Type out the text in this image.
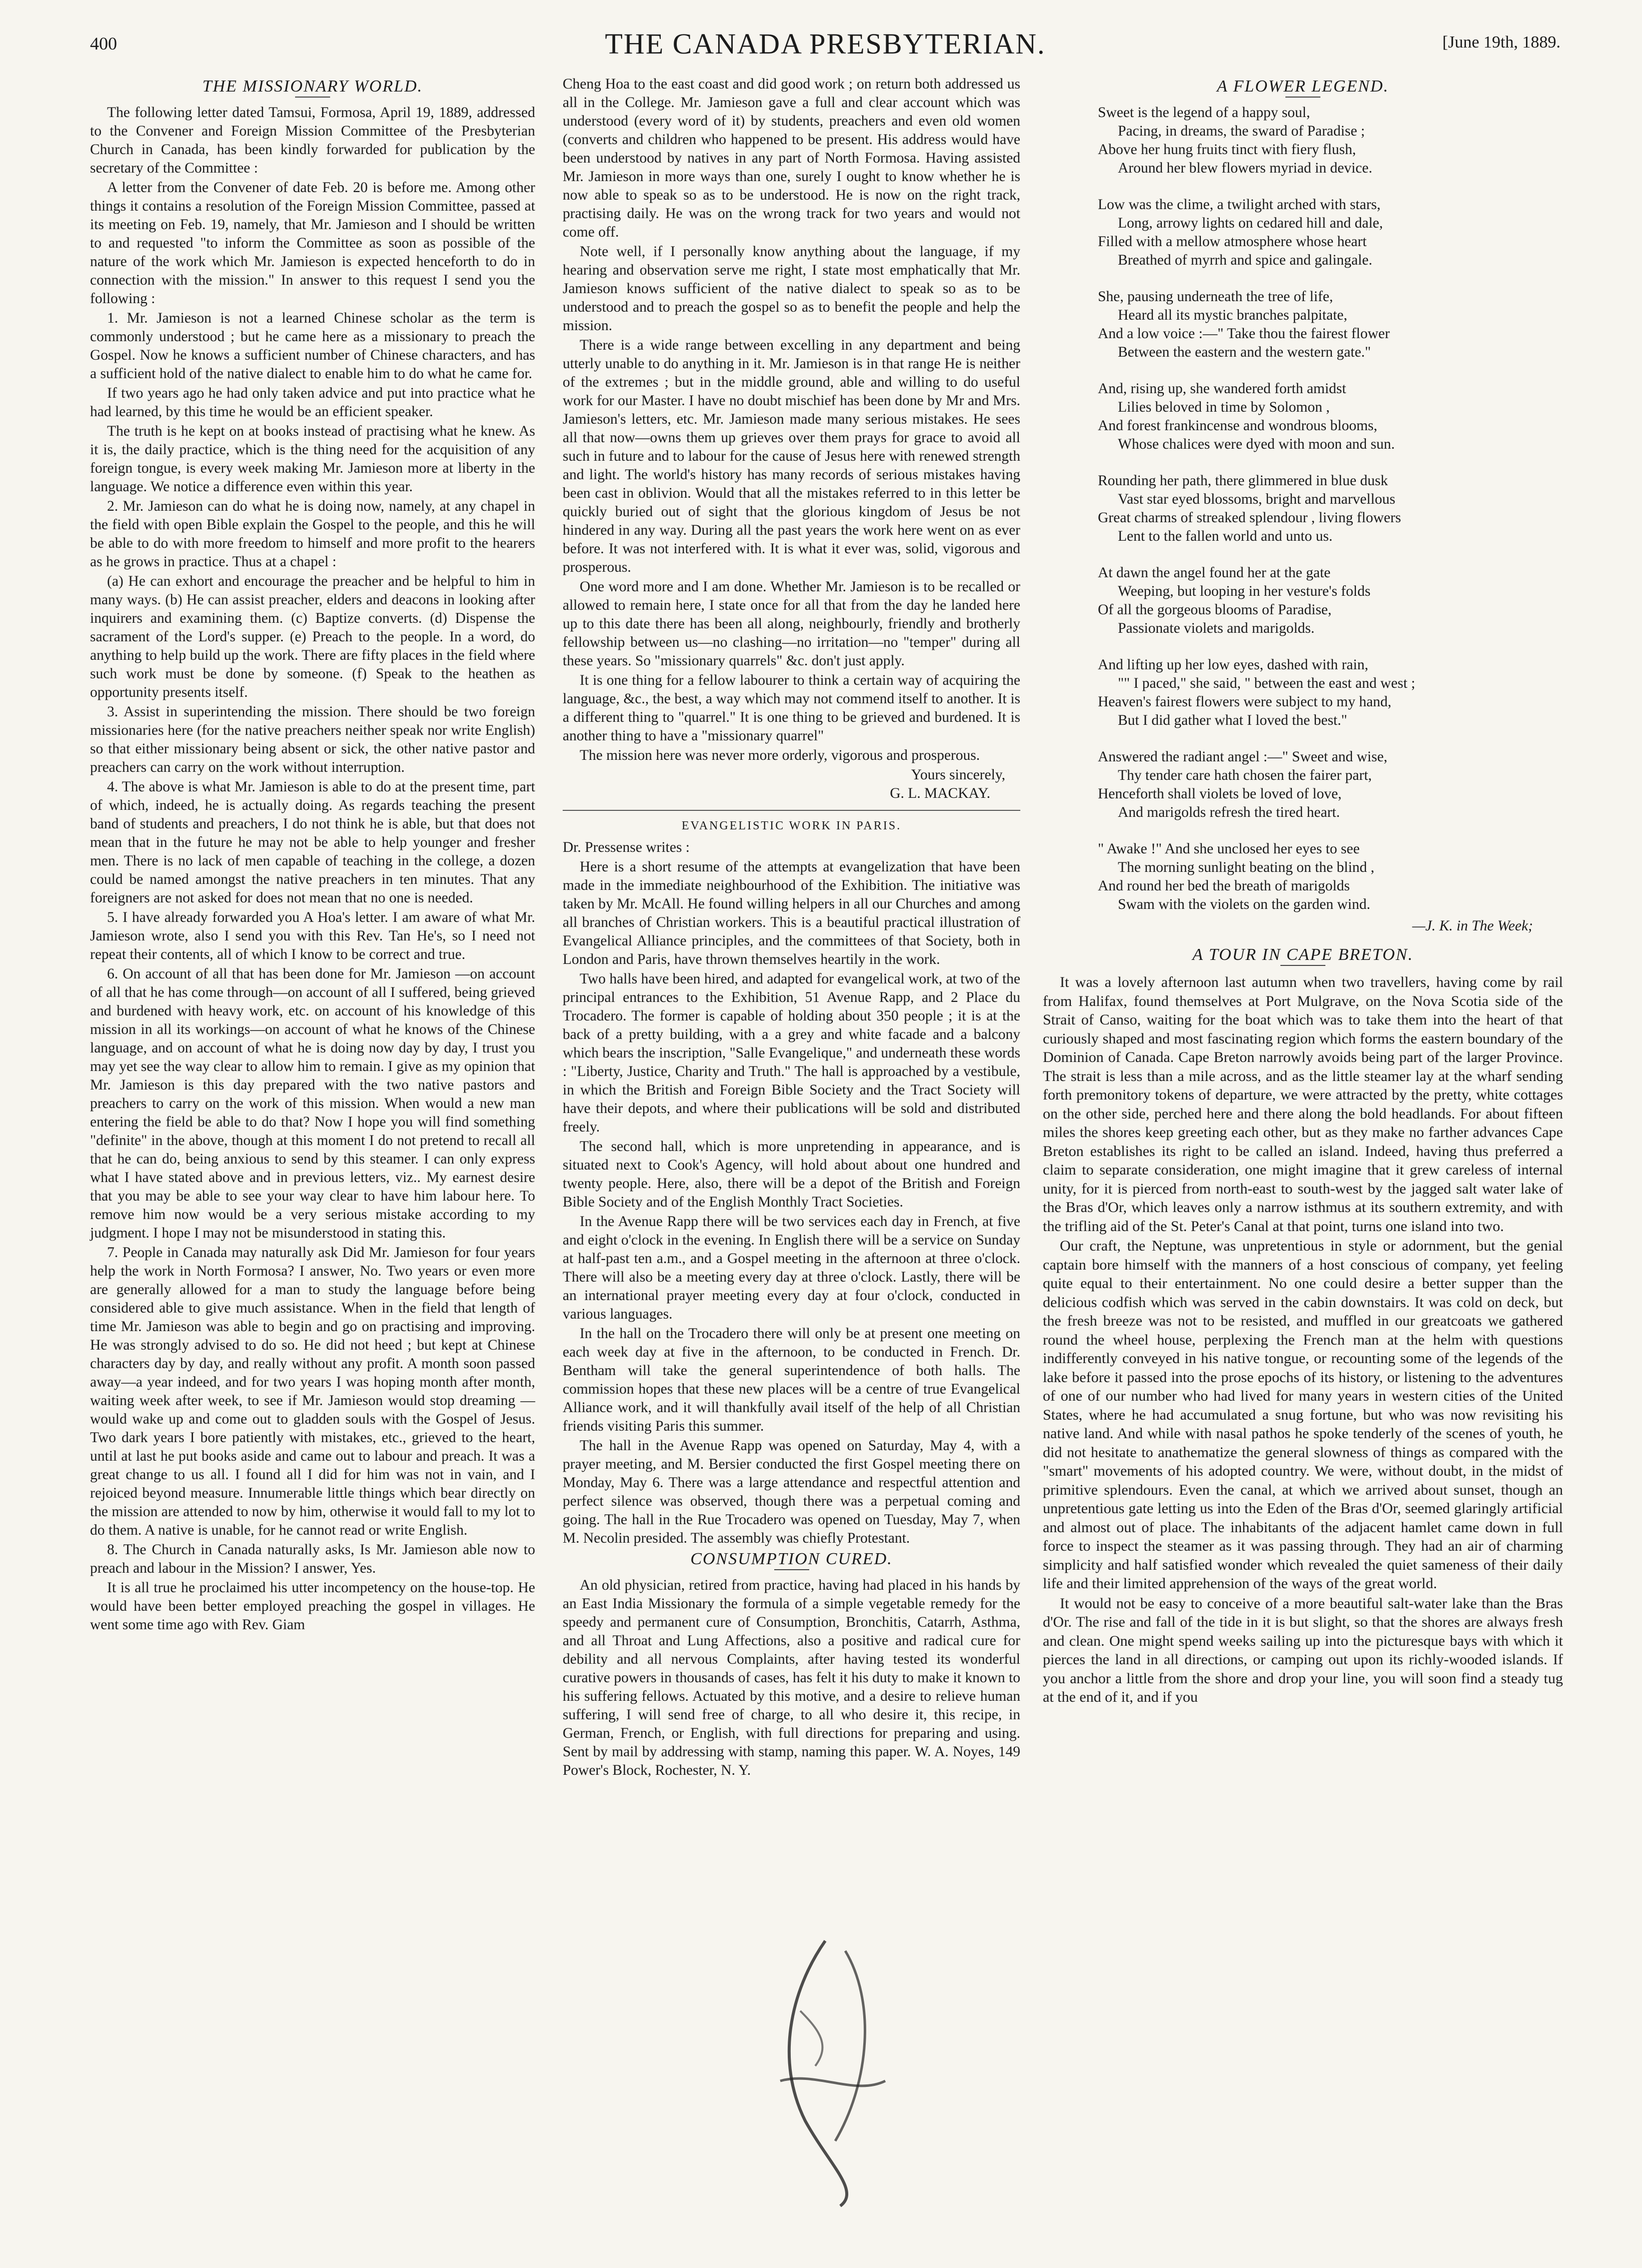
400	THE CANADA PRESBYTERIAN.	[June 19th, 1889.
THE MISSIONARY WORLD.

The following letter dated Tamsui, Formosa, April 19, 1889, addressed to the Convener and Foreign Mission Committee of the Presbyterian Church in Canada, has been kindly forwarded for publication by the secretary of the Committee :

A letter from the Convener of date Feb. 20 is before me. Among other things it contains a resolution of the Foreign Mission Committee, passed at its meeting on Feb. 19, namely, that Mr. Jamieson and I should be written to and requested "to inform the Committee as soon as possible of the nature of the work which Mr. Jamieson is expected henceforth to do in connection with the mission." In answer to this request I send you the following :

1. Mr. Jamieson is not a learned Chinese scholar as the term is commonly understood ; but he came here as a missionary to preach the Gospel. Now he knows a sufficient number of Chinese characters, and has a sufficient hold of the native dialect to enable him to do what he came for.

If two years ago he had only taken advice and put into practice what he had learned, by this time he would be an efficient speaker.

The truth is he kept on at books instead of practising what he knew. As it is, the daily practice, which is the thing need for the acquisition of any foreign tongue, is every week making Mr. Jamieson more at liberty in the language. We notice a difference even within this year.

2. Mr. Jamieson can do what he is doing now, namely, at any chapel in the field with open Bible explain the Gospel to the people, and this he will be able to do with more freedom to himself and more profit to the hearers as he grows in practice. Thus at a chapel :

(a) He can exhort and encourage the preacher and be helpful to him in many ways. (b) He can assist preacher, elders and deacons in looking after inquirers and examining them. (c) Baptize converts. (d) Dispense the sacrament of the Lord's supper. (e) Preach to the people. In a word, do anything to help build up the work. There are fifty places in the field where such work must be done by someone. (f) Speak to the heathen as opportunity presents itself.

3. Assist in superintending the mission. There should be two foreign missionaries here (for the native preachers neither speak nor write English) so that either missionary being absent or sick, the other native pastor and preachers can carry on the work without interruption.

4. The above is what Mr. Jamieson is able to do at the present time, part of which, indeed, he is actually doing. As regards teaching the present band of students and preachers, I do not think he is able, but that does not mean that in the future he may not be able to help younger and fresher men. There is no lack of men capable of teaching in the college, a dozen could be named amongst the native preachers in ten minutes. That any foreigners are not asked for does not mean that no one is needed.

5. I have already forwarded you A Hoa's letter. I am aware of what Mr. Jamieson wrote, also I send you with this Rev. Tan He's, so I need not repeat their contents, all of which I know to be correct and true.

6. On account of all that has been done for Mr. Jamieson —on account of all that he has come through—on account of all I suffered, being grieved and burdened with heavy work, etc. on account of his knowledge of this mission in all its workings—on account of what he knows of the Chinese language, and on account of what he is doing now day by day, I trust you may yet see the way clear to allow him to remain. I give as my opinion that Mr. Jamieson is this day prepared with the two native pastors and preachers to carry on the work of this mission. When would a new man entering the field be able to do that? Now I hope you will find something "definite" in the above, though at this moment I do not pretend to recall all that he can do, being anxious to send by this steamer. I can only express what I have stated above and in previous letters, viz.. My earnest desire that you may be able to see your way clear to have him labour here. To remove him now would be a very serious mistake according to my judgment. I hope I may not be misunderstood in stating this.

7. People in Canada may naturally ask Did Mr. Jamieson for four years help the work in North Formosa? I answer, No. Two years or even more are generally allowed for a man to study the language before being considered able to give much assistance. When in the field that length of time Mr. Jamieson was able to begin and go on practising and improving. He was strongly advised to do so. He did not heed ; but kept at Chinese characters day by day, and really without any profit. A month soon passed away—a year indeed, and for two years I was hoping month after month, waiting week after week, to see if Mr. Jamieson would stop dreaming —would wake up and come out to gladden souls with the Gospel of Jesus. Two dark years I bore patiently with mistakes, etc., grieved to the heart, until at last he put books aside and came out to labour and preach. It was a great change to us all. I found all I did for him was not in vain, and I rejoiced beyond measure. Innumerable little things which bear directly on the mission are attended to now by him, otherwise it would fall to my lot to do them. A native is unable, for he cannot read or write English.

8. The Church in Canada naturally asks, Is Mr. Jamieson able now to preach and labour in the Mission? I answer, Yes.

It is all true he proclaimed his utter incompetency on the house-top. He would have been better employed preaching the gospel in villages. He went some time ago with Rev. Giam

Cheng Hoa to the east coast and did good work ; on return both addressed us all in the College. Mr. Jamieson gave a full and clear account which was understood (every word of it) by students, preachers and even old women (converts and children who happened to be present. His address would have been understood by natives in any part of North Formosa. Having assisted Mr. Jamieson in more ways than one, surely I ought to know whether he is now able to speak so as to be understood. He is now on the right track, practising daily. He was on the wrong track for two years and would not come off.

Note well, if I personally know anything about the language, if my hearing and observation serve me right, I state most emphatically that Mr. Jamieson knows sufficient of the native dialect to speak so as to be understood and to preach the gospel so as to benefit the people and help the mission.

There is a wide range between excelling in any department and being utterly unable to do anything in it. Mr. Jamieson is in that range He is neither of the extremes ; but in the middle ground, able and willing to do useful work for our Master. I have no doubt mischief has been done by Mr and Mrs. Jamieson's letters, etc. Mr. Jamieson made many serious mistakes. He sees all that now—owns them up grieves over them prays for grace to avoid all such in future and to labour for the cause of Jesus here with renewed strength and light. The world's history has many records of serious mistakes having been cast in oblivion. Would that all the mistakes referred to in this letter be quickly buried out of sight that the glorious kingdom of Jesus be not hindered in any way. During all the past years the work here went on as ever before. It was not interfered with. It is what it ever was, solid, vigorous and prosperous.

One word more and I am done. Whether Mr. Jamieson is to be recalled or allowed to remain here, I state once for all that from the day he landed here up to this date there has been all along, neighbourly, friendly and brotherly fellowship between us—no clashing—no irritation—no "temper" during all these years. So "missionary quarrels" &c. don't just apply.

It is one thing for a fellow labourer to think a certain way of acquiring the language, &c., the best, a way which may not commend itself to another. It is a different thing to "quarrel." It is one thing to be grieved and burdened. It is another thing to have a "missionary quarrel"

The mission here was never more orderly, vigorous and prosperous.

Yours sincerely,
G. L. MACKAY.
EVANGELISTIC WORK IN PARIS.

Dr. Pressense writes :

Here is a short resume of the attempts at evangelization that have been made in the immediate neighbourhood of the Exhibition. The initiative was taken by Mr. McAll. He found willing helpers in all our Churches and among all branches of Christian workers. This is a beautiful practical illustration of Evangelical Alliance principles, and the committees of that Society, both in London and Paris, have thrown themselves heartily in the work.

Two halls have been hired, and adapted for evangelical work, at two of the principal entrances to the Exhibition, 51 Avenue Rapp, and 2 Place du Trocadero. The former is capable of holding about 350 people ; it is at the back of a pretty building, with a a grey and white facade and a balcony which bears the inscription, "Salle Evangelique," and underneath these words : "Liberty, Justice, Charity and Truth." The hall is approached by a vestibule, in which the British and Foreign Bible Society and the Tract Society will have their depots, and where their publications will be sold and distributed freely.

The second hall, which is more unpretending in appearance, and is situated next to Cook's Agency, will hold about about one hundred and twenty people. Here, also, there will be a depot of the British and Foreign Bible Society and of the English Monthly Tract Societies.

In the Avenue Rapp there will be two services each day in French, at five and eight o'clock in the evening. In English there will be a service on Sunday at half-past ten a.m., and a Gospel meeting in the afternoon at three o'clock. There will also be a meeting every day at three o'clock. Lastly, there will be an international prayer meeting every day at four o'clock, conducted in various languages.

In the hall on the Trocadero there will only be at present one meeting on each week day at five in the afternoon, to be conducted in French. Dr. Bentham will take the general superintendence of both halls. The commission hopes that these new places will be a centre of true Evangelical Alliance work, and it will thankfully avail itself of the help of all Christian friends visiting Paris this summer.

The hall in the Avenue Rapp was opened on Saturday, May 4, with a prayer meeting, and M. Bersier conducted the first Gospel meeting there on Monday, May 6. There was a large attendance and respectful attention and perfect silence was observed, though there was a perpetual coming and going. The hall in the Rue Trocadero was opened on Tuesday, May 7, when M. Necolin presided. The assembly was chiefly Protestant.

CONSUMPTION CURED.

An old physician, retired from practice, having had placed in his hands by an East India Missionary the formula of a simple vegetable remedy for the speedy and permanent cure of Consumption, Bronchitis, Catarrh, Asthma, and all Throat and Lung Affections, also a positive and radical cure for debility and all nervous Complaints, after having tested its wonderful curative powers in thousands of cases, has felt it his duty to make it known to his suffering fellows. Actuated by this motive, and a desire to relieve human suffering, I will send free of charge, to all who desire it, this recipe, in German, French, or English, with full directions for preparing and using. Sent by mail by addressing with stamp, naming this paper. W. A. Noyes, 149 Power's Block, Rochester, N. Y.

A FLOWER LEGEND.
Sweet is the legend of a happy soul,
Pacing, in dreams, the sward of Paradise ;
Above her hung fruits tinct with fiery flush,
Around her blew flowers myriad in device.
Low was the clime, a twilight arched with stars,
Long, arrowy lights on cedared hill and dale,
Filled with a mellow atmosphere whose heart
Breathed of myrrh and spice and galingale.
She, pausing underneath the tree of life,
Heard all its mystic branches palpitate,
And a low voice :—" Take thou the fairest flower
Between the eastern and the western gate."
And, rising up, she wandered forth amidst
Lilies beloved in time by Solomon ,
And forest frankincense and wondrous blooms,
Whose chalices were dyed with moon and sun.
Rounding her path, there glimmered in blue dusk
Vast star eyed blossoms, bright and marvellous
Great charms of streaked splendour , living flowers
Lent to the fallen world and unto us.
At dawn the angel found her at the gate
Weeping, but looping in her vesture's folds
Of all the gorgeous blooms of Paradise,
Passionate violets and marigolds.
And lifting up her low eyes, dashed with rain,
"" I paced," she said, " between the east and west ;
Heaven's fairest flowers were subject to my hand,
But I did gather what I loved the best."
Answered the radiant angel :—" Sweet and wise,
Thy tender care hath chosen the fairer part,
Henceforth shall violets be loved of love,
And marigolds refresh the tired heart.
" Awake !" And she unclosed her eyes to see
The morning sunlight beating on the blind ,
And round her bed the breath of marigolds
Swam with the violets on the garden wind.
—J. K. in The Week;
A TOUR IN CAPE BRETON.

It was a lovely afternoon last autumn when two travellers, having come by rail from Halifax, found themselves at Port Mulgrave, on the Nova Scotia side of the Strait of Canso, waiting for the boat which was to take them into the heart of that curiously shaped and most fascinating region which forms the eastern boundary of the Dominion of Canada. Cape Breton narrowly avoids being part of the larger Province. The strait is less than a mile across, and as the little steamer lay at the wharf sending forth premonitory tokens of departure, we were attracted by the pretty, white cottages on the other side, perched here and there along the bold headlands. For about fifteen miles the shores keep greeting each other, but as they make no farther advances Cape Breton establishes its right to be called an island. Indeed, having thus preferred a claim to separate consideration, one might imagine that it grew careless of internal unity, for it is pierced from north-east to south-west by the jagged salt water lake of the Bras d'Or, which leaves only a narrow isthmus at its southern extremity, and with the trifling aid of the St. Peter's Canal at that point, turns one island into two.

Our craft, the Neptune, was unpretentious in style or adornment, but the genial captain bore himself with the manners of a host conscious of company, yet feeling quite equal to their entertainment. No one could desire a better supper than the delicious codfish which was served in the cabin downstairs. It was cold on deck, but the fresh breeze was not to be resisted, and muffled in our greatcoats we gathered round the wheel house, perplexing the French man at the helm with questions indifferently conveyed in his native tongue, or recounting some of the legends of the lake before it passed into the prose epochs of its history, or listening to the adventures of one of our number who had lived for many years in western cities of the United States, where he had accumulated a snug fortune, but who was now revisiting his native land. And while with nasal pathos he spoke tenderly of the scenes of youth, he did not hesitate to anathematize the general slowness of things as compared with the "smart" movements of his adopted country. We were, without doubt, in the midst of primitive splendours. Even the canal, at which we arrived about sunset, though an unpretentious gate letting us into the Eden of the Bras d'Or, seemed glaringly artificial and almost out of place. The inhabitants of the adjacent hamlet came down in full force to inspect the steamer as it was passing through. They had an air of charming simplicity and half satisfied wonder which revealed the quiet sameness of their daily life and their limited apprehension of the ways of the great world.

It would not be easy to conceive of a more beautiful salt-water lake than the Bras d'Or. The rise and fall of the tide in it is but slight, so that the shores are always fresh and clean. One might spend weeks sailing up into the picturesque bays with which it pierces the land in all directions, or camping out upon its richly-wooded islands. If you anchor a little from the shore and drop your line, you will soon find a steady tug at the end of it, and if you
